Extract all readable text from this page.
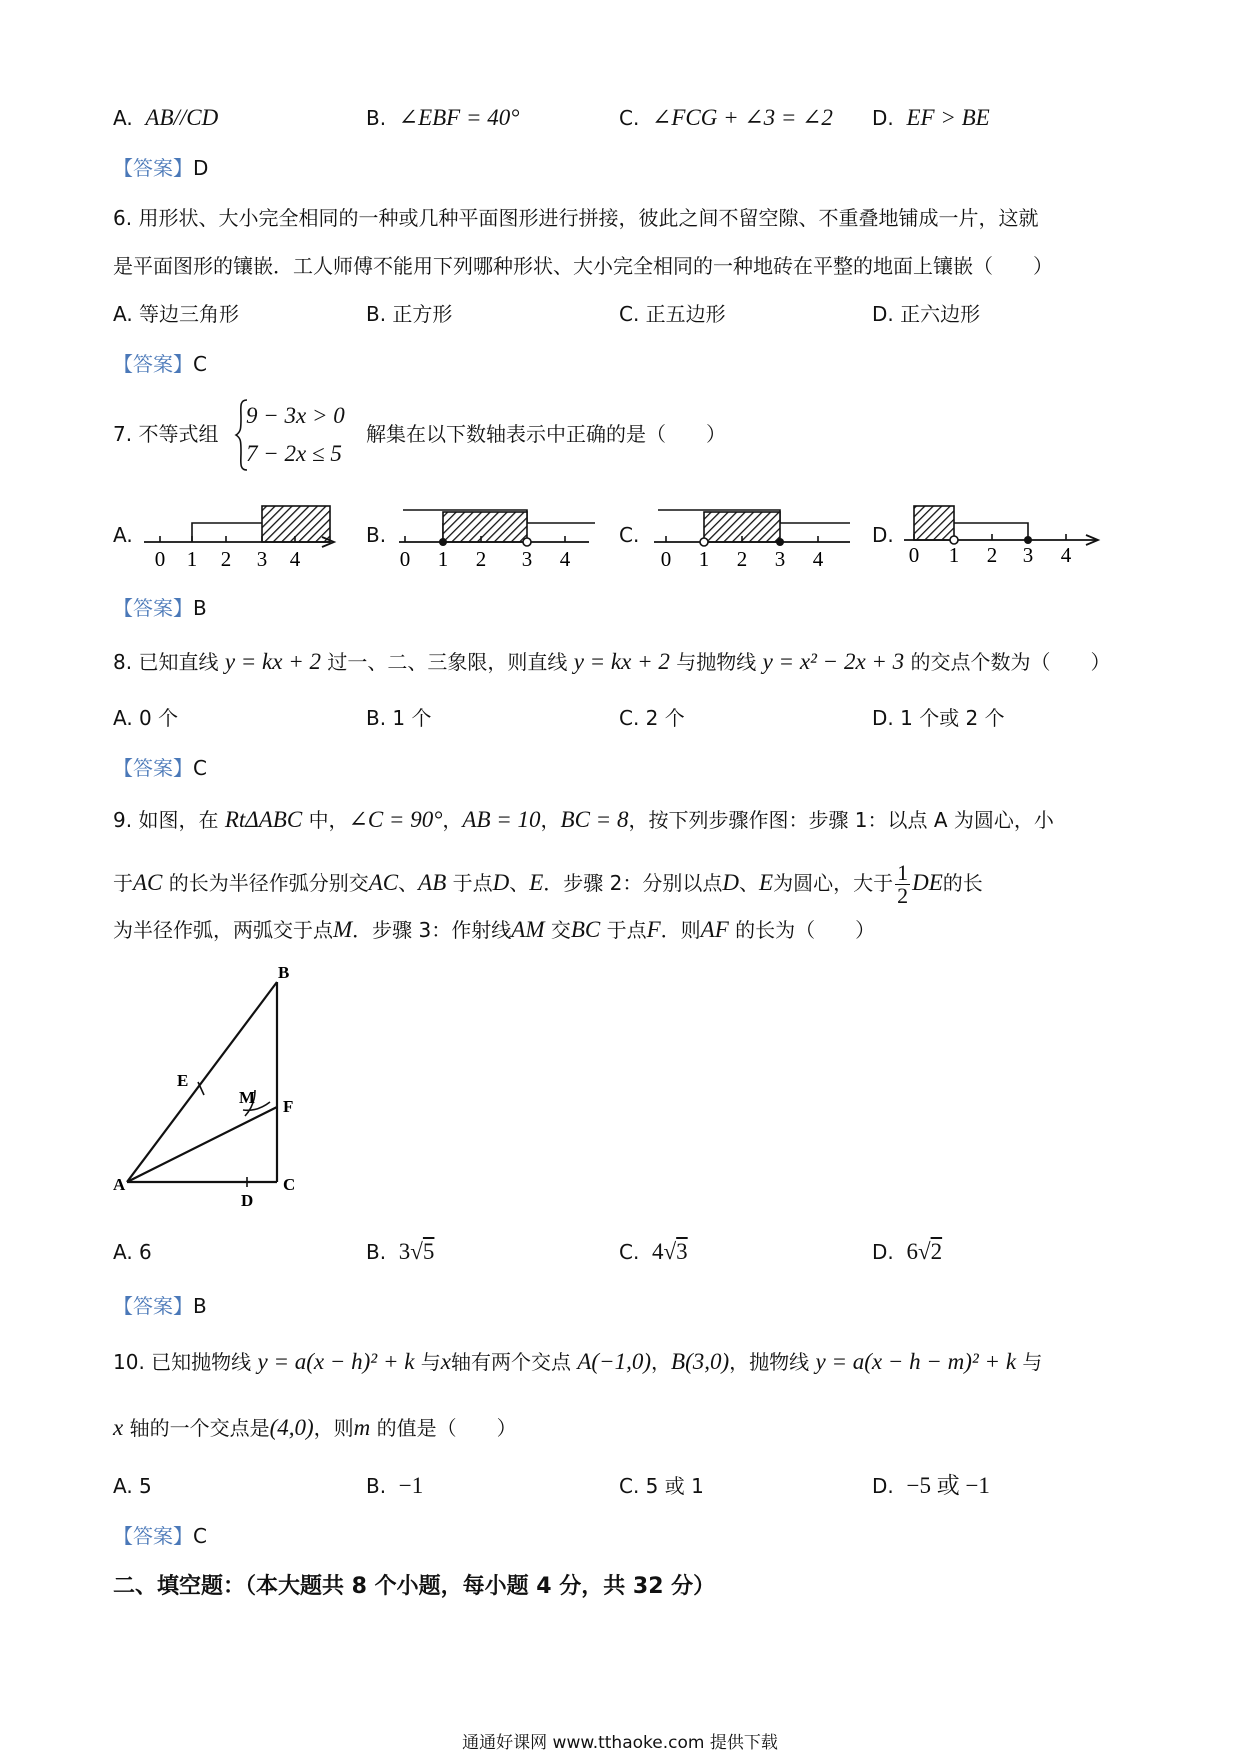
A. AB//CD	B. ∠EBF = 40°	C. ∠FCG + ∠3 = ∠2 D. EF > BE
【答案】D
6. 用形状、大小完全相同的一种或几种平面图形进行拼接，彼此之间不留空隙、不重叠地铺成一片，这就
是平面图形的镶嵌．工人师傅不能用下列哪种形状、大小完全相同的一种地砖在平整的地面上镶嵌（　　）
A. 等边三角形	B. 正方形	C. 正五边形	D. 正六边形
【答案】C
7. 不等式组
9 − 3x > 0
7 − 2x ≤ 5
解集在以下数轴表示中正确的是（　　）
A.	B.	C.	D.
0 1 2 3 4	0 1 2 3 4	0 1 2 3 4	0 1 2 3 4
【答案】B
8. 已知直线 y = kx + 2 过一、二、三象限，则直线 y = kx + 2 与抛物线 y = x² − 2x + 3 的交点个数为（　　）
A. 0 个	B. 1 个	C. 2 个	D. 1 个或 2 个
【答案】C
9. 如图，在 RtΔABC 中，∠C = 90°，AB = 10，BC = 8，按下列步骤作图：步骤 1：以点 A 为圆心，小
于AC 的长为半径作弧分别交AC、AB 于点D、E．步骤 2：分别以点D、E为圆心，大于 $\frac{1}{2}$ DE的长
为半径作弧，两弧交于点M．步骤 3：作射线AM 交BC 于点F．则AF 的长为（　　）
B
E
M F
A
D
C
A. 6	B. 3√5	C. 4√3	D. 6√2
【答案】B
10. 已知抛物线 y = a(x − h)² + k 与x轴有两个交点 A(−1,0)，B(3,0)，抛物线 y = a(x − h − m)² + k 与
x 轴的一个交点是(4,0)，则m 的值是（　　）
A. 5	B. −1	C. 5 或 1	D. −5 或 −1
【答案】C
二、填空题：（本大题共 8 个小题，每小题 4 分，共 32 分）
通通好课网 www.tthaoke.com 提供下载
